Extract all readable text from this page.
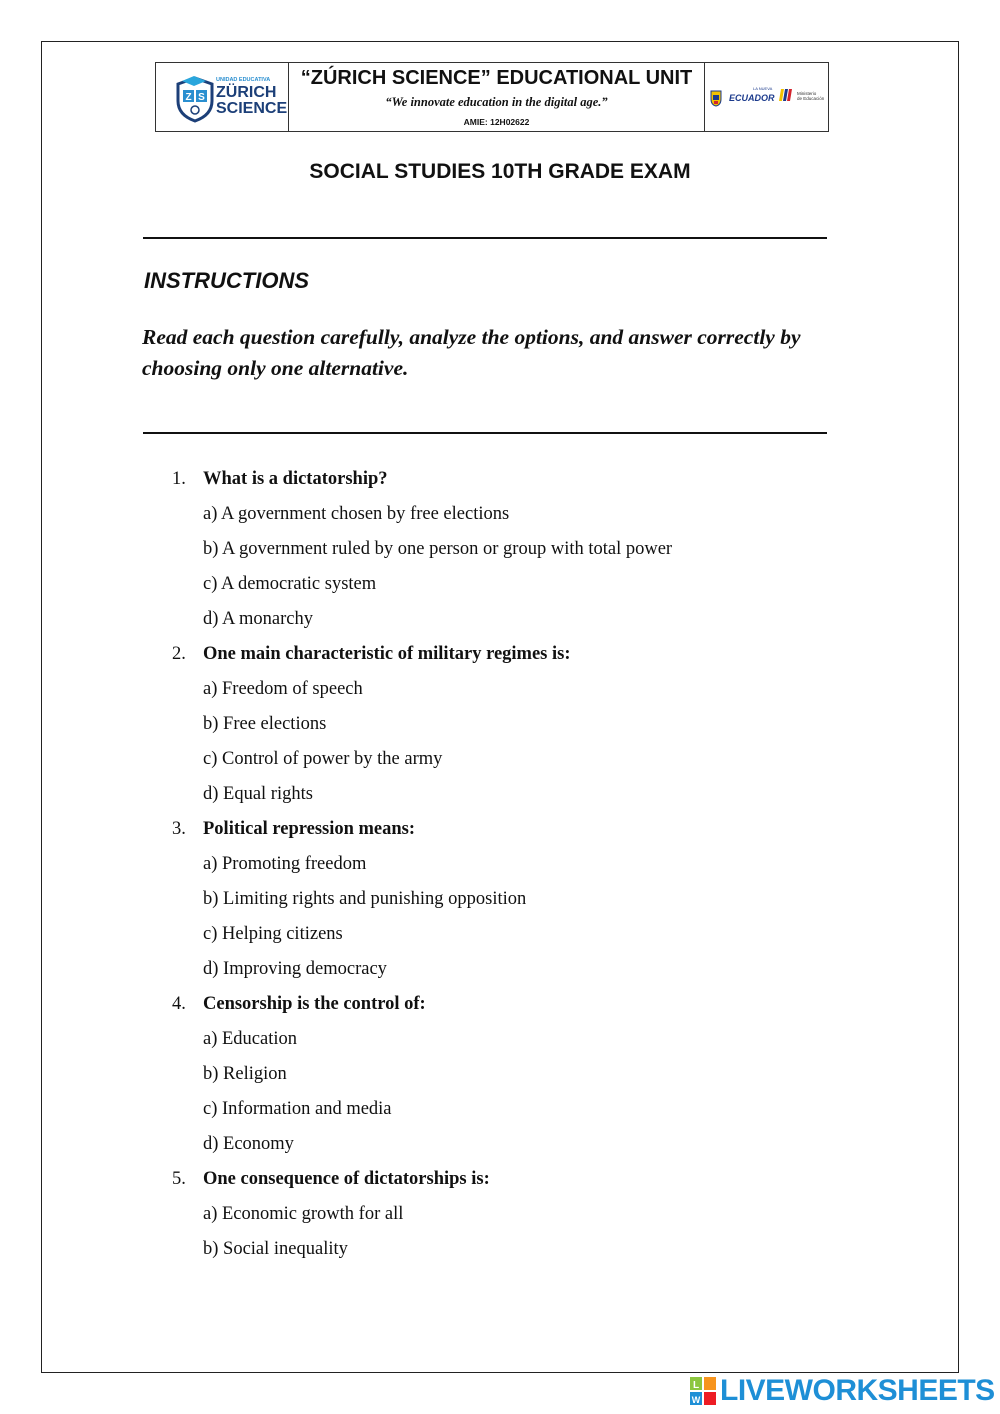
Z S
UNIDAD EDUCATIVA
ZÜRICH
SCIENCE
“ZÚRICH SCIENCE” EDUCATIONAL UNIT
“We innovate education in the digital age.”
AMIE: 12H02622
LA NUEVA
ECUADOR	Ministerio
de Educación
SOCIAL STUDIES 10TH GRADE EXAM
INSTRUCTIONS
Read each question carefully, analyze the options, and answer correctly by choosing only one alternative.
1. What is a dictatorship?
a) A government chosen by free elections
b) A government ruled by one person or group with total power
c) A democratic system
d) A monarchy
2. One main characteristic of military regimes is:
a) Freedom of speech
b) Free elections
c) Control of power by the army
d) Equal rights
3. Political repression means:
a) Promoting freedom
b) Limiting rights and punishing opposition
c) Helping citizens
d) Improving democracy
4. Censorship is the control of:
a) Education
b) Religion
c) Information and media
d) Economy
5. One consequence of dictatorships is:
a) Economic growth for all
b) Social inequality
L
W LIVEWORKSHEETS
